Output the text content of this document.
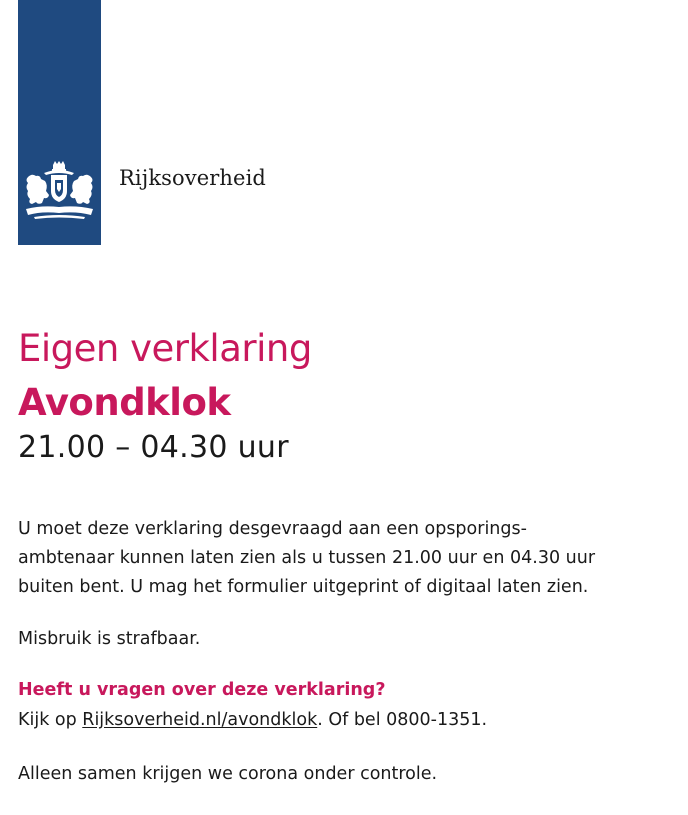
Rijksoverheid
Eigen verklaring
Avondklok
21.00 – 04.30 uur

U moet deze verklaring desgevraagd aan een opsporings-
ambtenaar kunnen laten zien als u tussen 21.00 uur en 04.30 uur
buiten bent. U mag het formulier uitgeprint of digitaal laten zien.

Misbruik is strafbaar.

Heeft u vragen over deze verklaring?

Kijk op Rijksoverheid.nl/avondklok. Of bel 0800-1351.

Alleen samen krijgen we corona onder controle.
